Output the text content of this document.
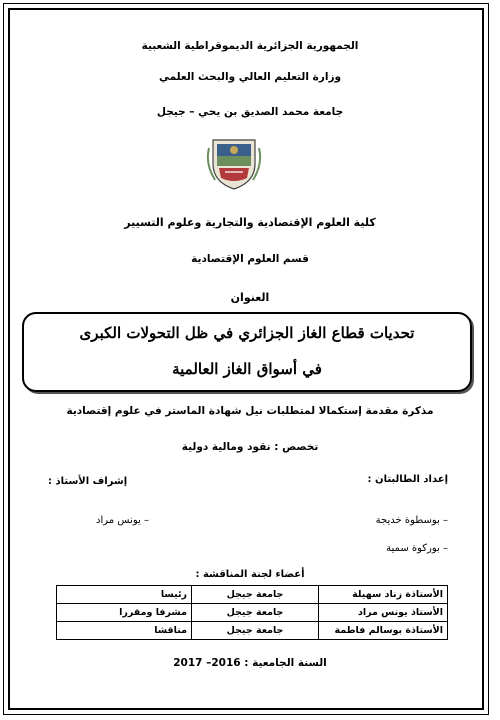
الجمهورية الجزائرية الديموقراطية الشعبية
وزارة التعليم العالي والبحث العلمي
جامعة محمد الصديق بن يحي – جيجل
كلية العلوم الإقتصادية والتجارية وعلوم التسيير
قسم العلوم الإقتصادية
العنوان
تحديات قطاع الغاز الجزائري في ظل التحولات الكبرى
في أسواق الغاز العالمية
مذكرة مقدمة إستكمالا لمتطلبات نيل شهادة الماستر في علوم إقتصادية
تخصص : نقود ومالية دولية
إعداد الطالبتان :
إشراف الأستاذ :
– بوسطوة خديجة
– بوركوة سمية
– يونس مراد
أعضاء لجنة المناقشة :
الأستاذة زناد سهيلة	جامعة جيجل	رئيسا
الأستاذ يونس مراد	جامعة جيجل	مشرفا ومقررا
الأستاذة بوسالم فاطمة	جامعة جيجل	مناقشا
السنة الجامعية : 2016– 2017
